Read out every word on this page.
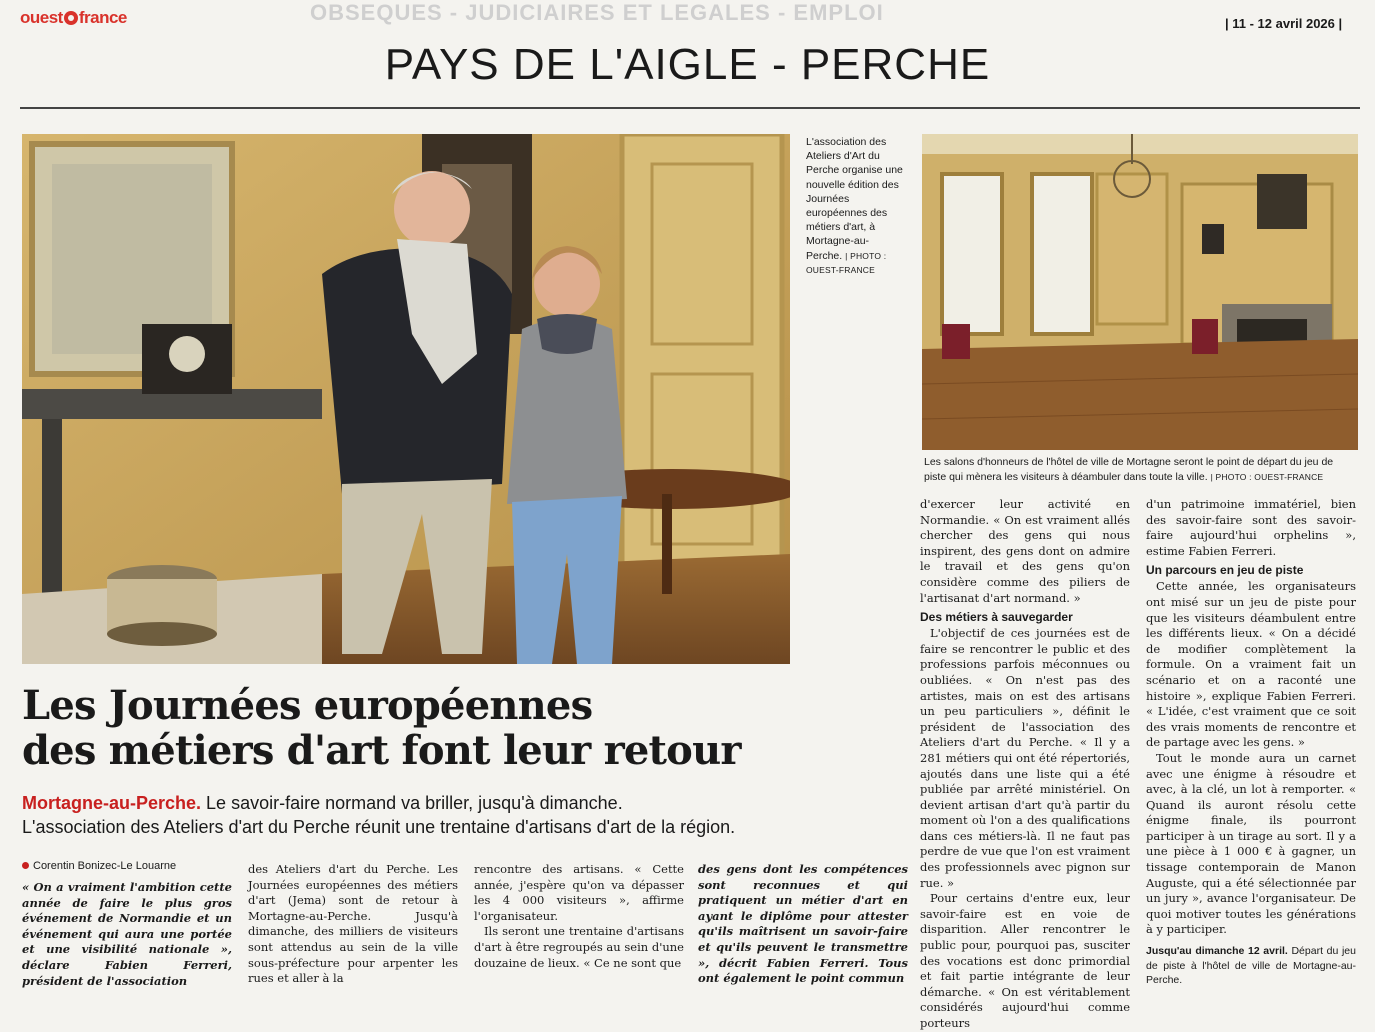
ouest france	OBSEQUES - JUDICIAIRES ET LEGALES - EMPLOI	| 11 - 12 avril 2026 |
PAYS DE L'AIGLE - PERCHE
L'association des Ateliers d'Art du Perche organise une nouvelle édition des Journées européennes des métiers d'art, à Mortagne-au-Perche. | PHOTO : OUEST-FRANCE
Les salons d'honneurs de l'hôtel de ville de Mortagne seront le point de départ du jeu de piste qui mènera les visiteurs à déambuler dans toute la ville. | PHOTO : OUEST-FRANCE
Les Journées européennes
des métiers d'art font leur retour
Mortagne-au-Perche. Le savoir-faire normand va briller, jusqu'à dimanche.
L'association des Ateliers d'art du Perche réunit une trentaine d'artisans d'art de la région.
Corentin Bonizec-Le Louarne

« On a vraiment l'ambition cette année de faire le plus gros événement de Normandie et un événement qui aura une portée et une visibilité nationale », déclare Fabien Ferreri, président de l'association

des Ateliers d'art du Perche. Les Journées européennes des métiers d'art (Jema) sont de retour à Mortagne-au-Perche. Jusqu'à dimanche, des milliers de visiteurs sont attendus au sein de la ville sous-préfecture pour arpenter les rues et aller à la

rencontre des artisans. « Cette année, j'espère qu'on va dépasser les 4 000 visiteurs », affirme l'organisateur.

Ils seront une trentaine d'artisans d'art à être regroupés au sein d'une douzaine de lieux. « Ce ne sont que

des gens dont les compétences sont reconnues et qui pratiquent un métier d'art en ayant le diplôme pour attester qu'ils maîtrisent un savoir-faire et qu'ils peuvent le transmettre », décrit Fabien Ferreri. Tous ont également le point commun

d'exercer leur activité en Normandie. « On est vraiment allés chercher des gens qui nous inspirent, des gens dont on admire le travail et des gens qu'on considère comme des piliers de l'artisanat d'art normand. »

Des métiers à sauvegarder

L'objectif de ces journées est de faire se rencontrer le public et des professions parfois méconnues ou oubliées. « On n'est pas des artistes, mais on est des artisans un peu particuliers », définit le président de l'association des Ateliers d'art du Perche. « Il y a 281 métiers qui ont été répertoriés, ajoutés dans une liste qui a été publiée par arrêté ministériel. On devient artisan d'art qu'à partir du moment où l'on a des qualifications dans ces métiers-là. Il ne faut pas perdre de vue que l'on est vraiment des professionnels avec pignon sur rue. »

Pour certains d'entre eux, leur savoir-faire est en voie de disparition. Aller rencontrer le public pour, pourquoi pas, susciter des vocations est donc primordial et fait partie intégrante de leur démarche. « On est véritablement considérés aujourd'hui comme porteurs

d'un patrimoine immatériel, bien des savoir-faire sont des savoir-faire aujourd'hui orphelins », estime Fabien Ferreri.

Un parcours en jeu de piste

Cette année, les organisateurs ont misé sur un jeu de piste pour que les visiteurs déambulent entre les différents lieux. « On a décidé de modifier complètement la formule. On a vraiment fait un scénario et on a raconté une histoire », explique Fabien Ferreri. « L'idée, c'est vraiment que ce soit des vrais moments de rencontre et de partage avec les gens. »

Tout le monde aura un carnet avec une énigme à résoudre et avec, à la clé, un lot à remporter. « Quand ils auront résolu cette énigme finale, ils pourront participer à un tirage au sort. Il y a une pièce à 1 000 € à gagner, un tissage contemporain de Manon Auguste, qui a été sélectionnée par un jury », avance l'organisateur. De quoi motiver toutes les générations à y participer.

Jusqu'au dimanche 12 avril. Départ du jeu de piste à l'hôtel de ville de Mortagne-au-Perche.
